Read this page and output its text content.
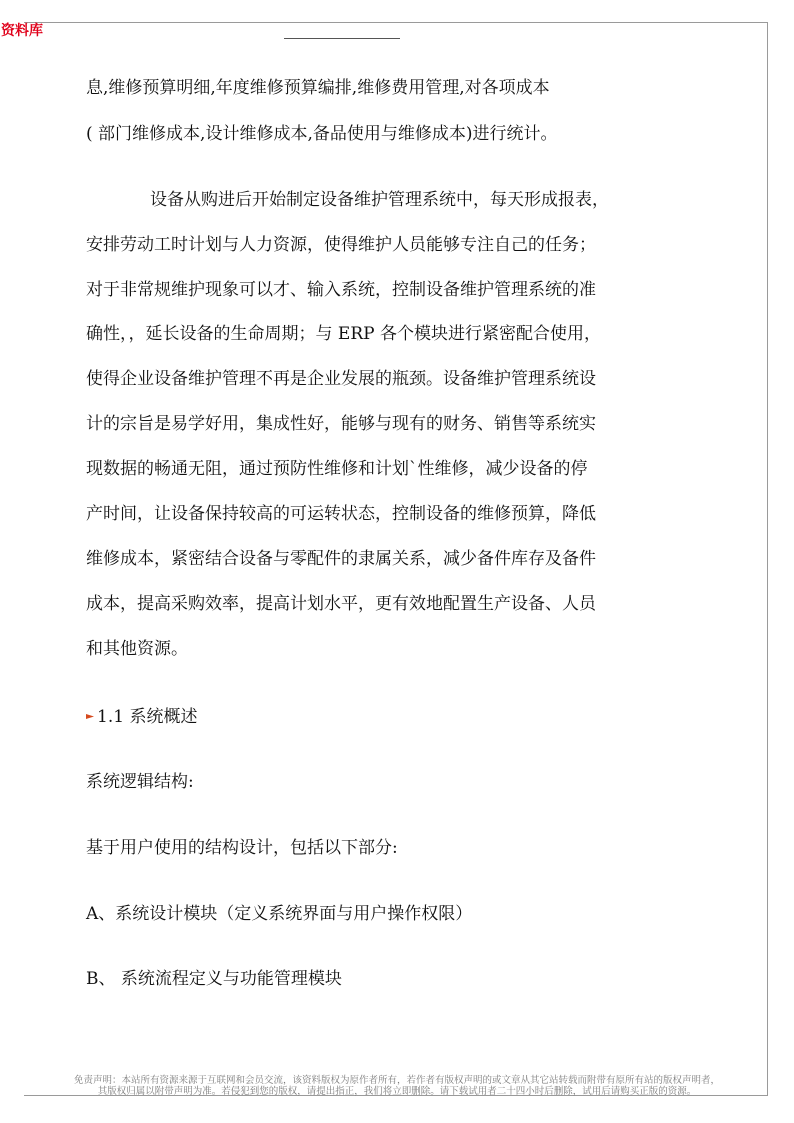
资料库
息,维修预算明细,年度维修预算编排,维修费用管理,对各项成本
( 部门维修成本,设计维修成本,备品使用与维修成本)进行统计。
设备从购进后开始制定设备维护管理系统中，每天形成报表，
安排劳动工时计划与人力资源，使得维护人员能够专注自己的任务；
对于非常规维护现象可以才、输入系统，控制设备维护管理系统的准
确性，，延长设备的生命周期；与 ERP 各个模块进行紧密配合使用，
使得企业设备维护管理不再是企业发展的瓶颈。设备维护管理系统设
计的宗旨是易学好用，集成性好，能够与现有的财务、销售等系统实
现数据的畅通无阻，通过预防性维修和计划`性维修，减少设备的停
产时间，让设备保持较高的可运转状态，控制设备的维修预算，降低
维修成本，紧密结合设备与零配件的隶属关系，减少备件库存及备件
成本，提高采购效率，提高计划水平，更有效地配置生产设备、人员
和其他资源。
1.1 系统概述
系统逻辑结构:
基于用户使用的结构设计，包括以下部分:
A、系统设计模块（定义系统界面与用户操作权限）
B、 系统流程定义与功能管理模块
免责声明：本站所有资源来源于互联网和会员交流，该资料版权为原作者所有，若作者有版权声明的或文章从其它站转载而附带有原所有站的版权声明者，
其版权归属以附带声明为准。若侵犯到您的版权，请提出指正，我们将立即删除。请下载试用者二十四小时后删除，试用后请购买正版的资源。
